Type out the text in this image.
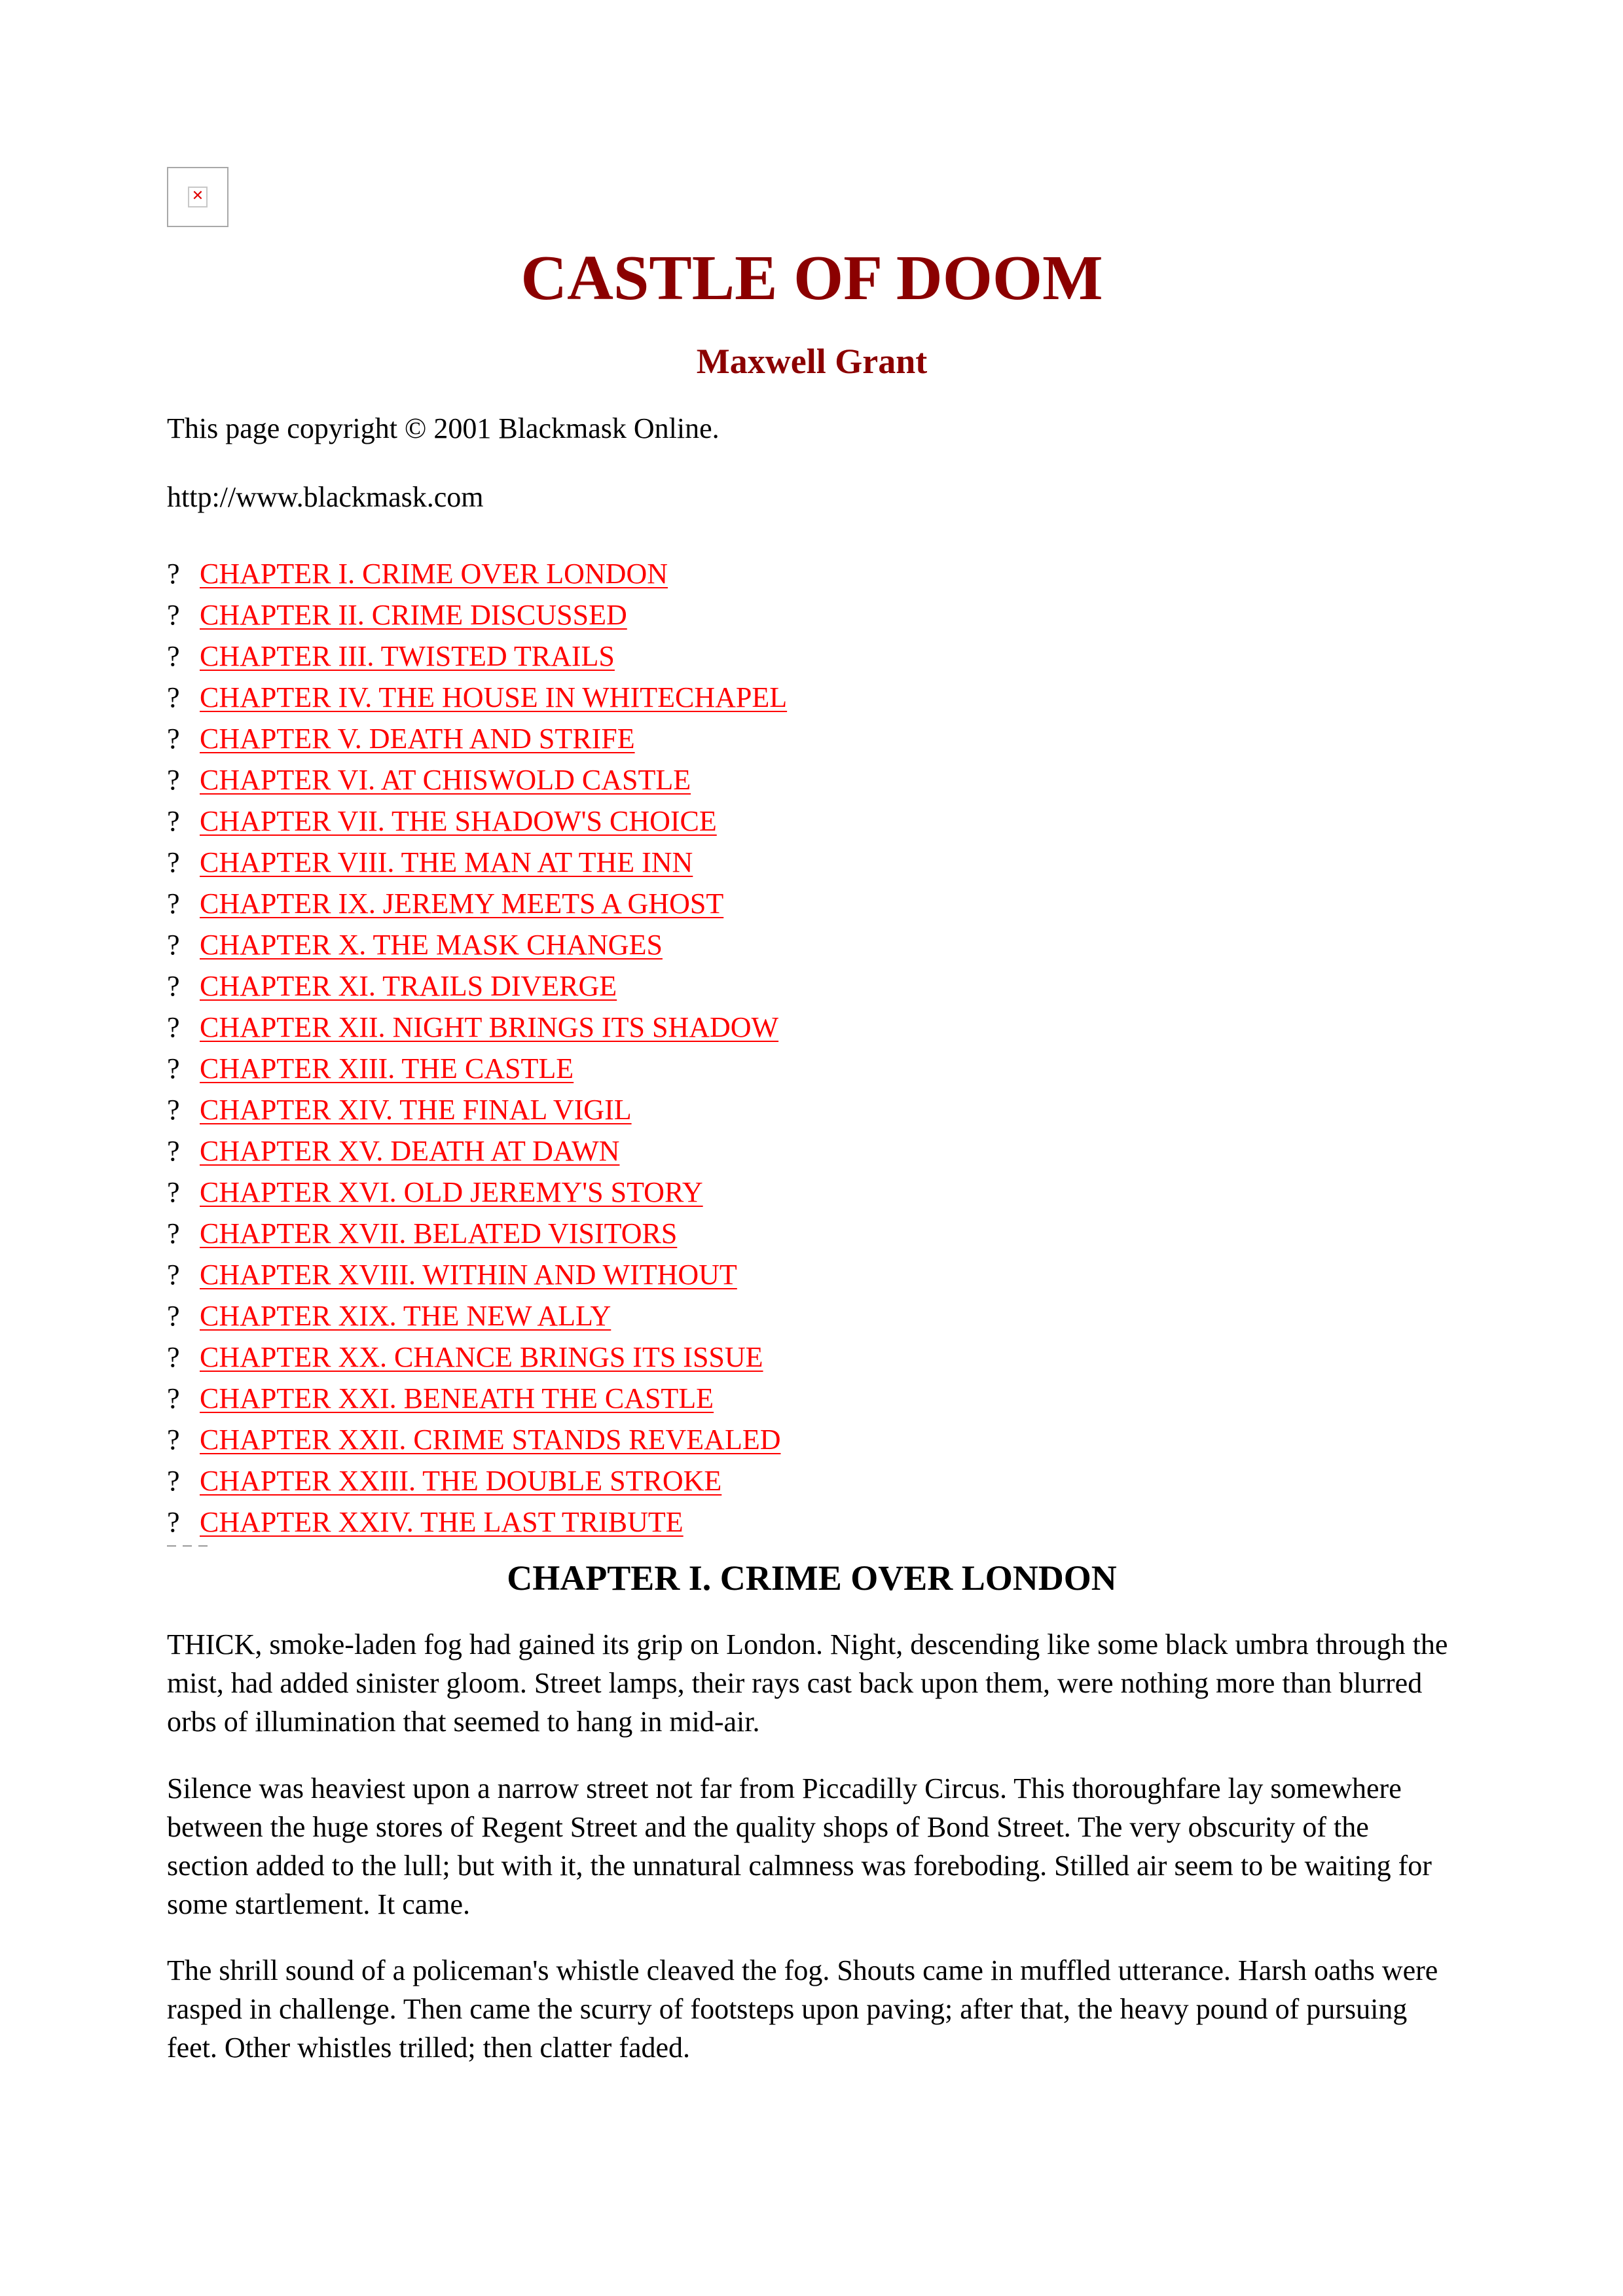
✕
CASTLE OF DOOM
Maxwell Grant

This page copyright © 2001 Blackmask Online.

http://www.blackmask.com

? CHAPTER I. CRIME OVER LONDON
? CHAPTER II. CRIME DISCUSSED
? CHAPTER III. TWISTED TRAILS
? CHAPTER IV. THE HOUSE IN WHITECHAPEL
? CHAPTER V. DEATH AND STRIFE
? CHAPTER VI. AT CHISWOLD CASTLE
? CHAPTER VII. THE SHADOW'S CHOICE
? CHAPTER VIII. THE MAN AT THE INN
? CHAPTER IX. JEREMY MEETS A GHOST
? CHAPTER X. THE MASK CHANGES
? CHAPTER XI. TRAILS DIVERGE
? CHAPTER XII. NIGHT BRINGS ITS SHADOW
? CHAPTER XIII. THE CASTLE
? CHAPTER XIV. THE FINAL VIGIL
? CHAPTER XV. DEATH AT DAWN
? CHAPTER XVI. OLD JEREMY'S STORY
? CHAPTER XVII. BELATED VISITORS
? CHAPTER XVIII. WITHIN AND WITHOUT
? CHAPTER XIX. THE NEW ALLY
? CHAPTER XX. CHANCE BRINGS ITS ISSUE
? CHAPTER XXI. BENEATH THE CASTLE
? CHAPTER XXII. CRIME STANDS REVEALED
? CHAPTER XXIII. THE DOUBLE STROKE
? CHAPTER XXIV. THE LAST TRIBUTE
CHAPTER I. CRIME OVER LONDON

THICK, smoke-laden fog had gained its grip on London. Night, descending like some black umbra through the mist, had added sinister gloom. Street lamps, their rays cast back upon them, were nothing more than blurred orbs of illumination that seemed to hang in mid-air.

Silence was heaviest upon a narrow street not far from Piccadilly Circus. This thoroughfare lay somewhere between the huge stores of Regent Street and the quality shops of Bond Street. The very obscurity of the section added to the lull; but with it, the unnatural calmness was foreboding. Stilled air seem to be waiting for some startlement. It came.

The shrill sound of a policeman's whistle cleaved the fog. Shouts came in muffled utterance. Harsh oaths were rasped in challenge. Then came the scurry of footsteps upon paving; after that, the heavy pound of pursuing feet. Other whistles trilled; then clatter faded.
